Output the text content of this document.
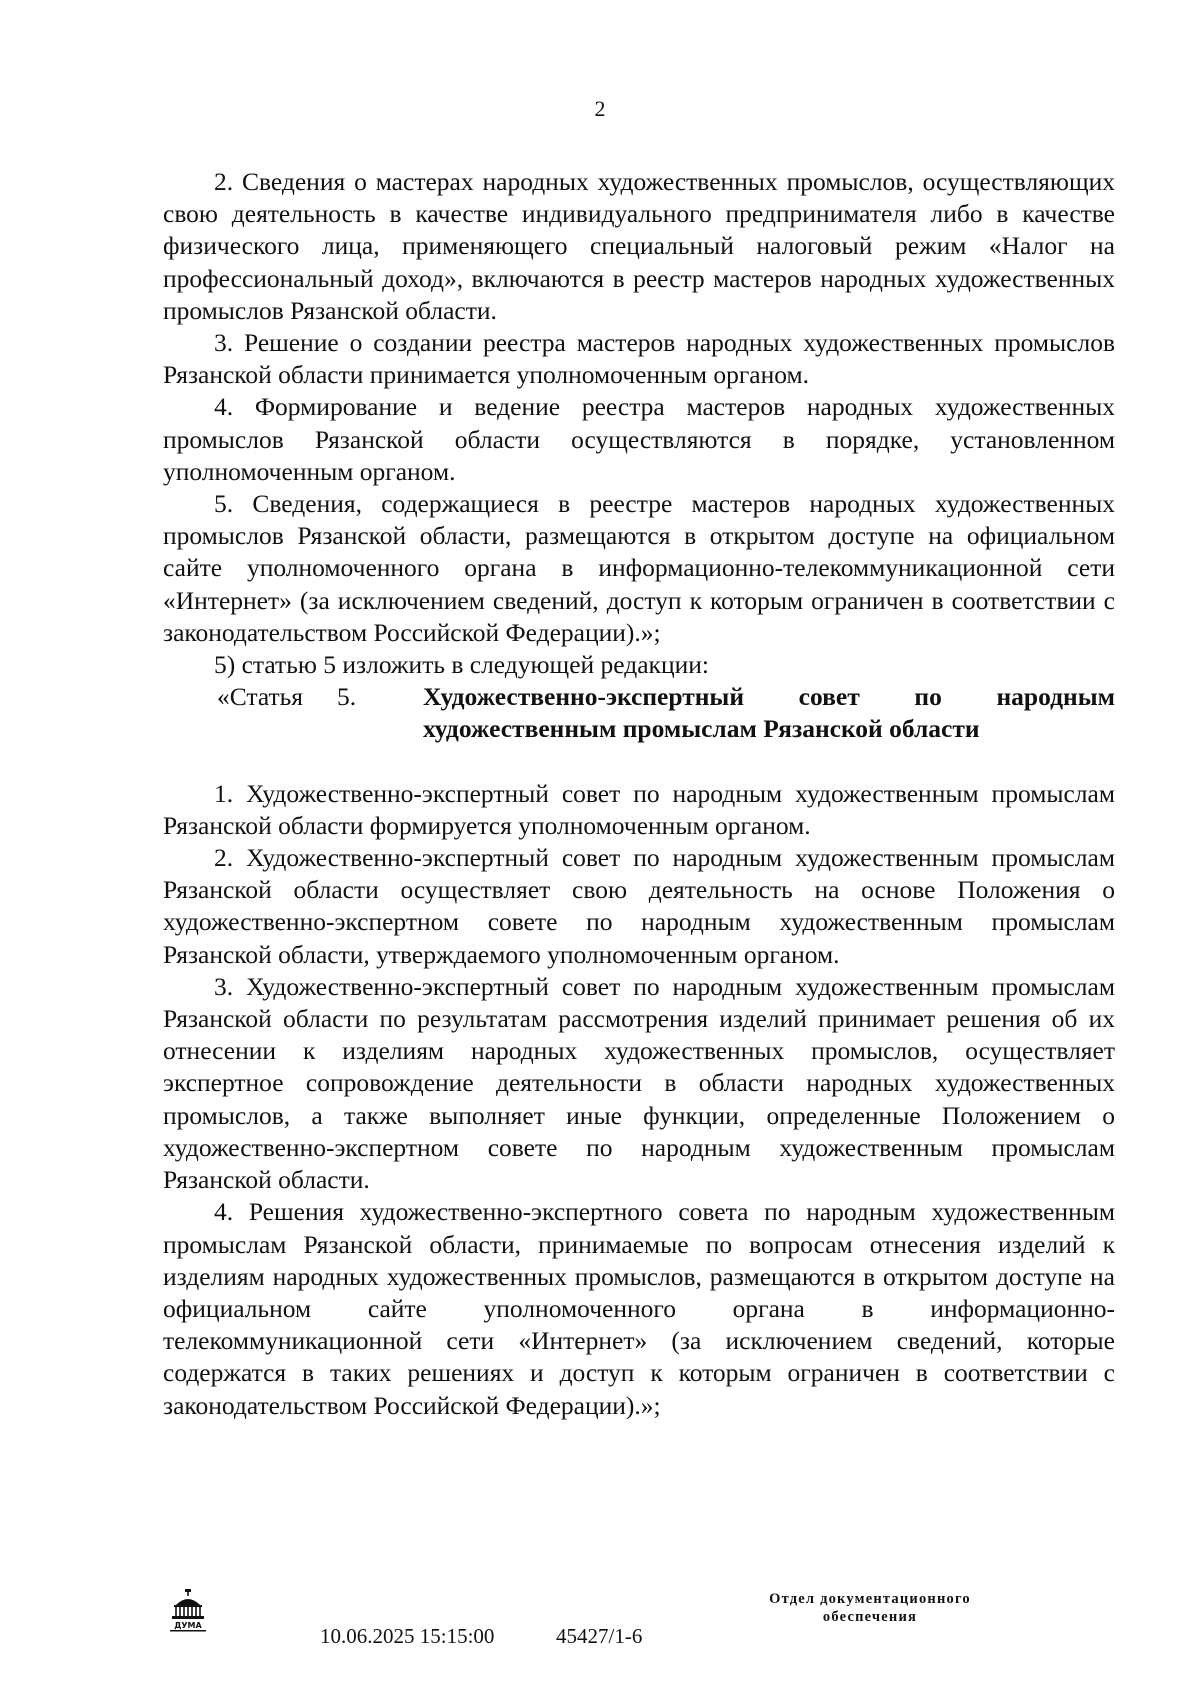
2

2. Сведения о мастерах народных художественных промыслов, осуществляющих свою деятельность в качестве индивидуального предпринимателя либо в качестве физического лица, применяющего специальный налоговый режим «Налог на профессиональный доход», включаются в реестр мастеров народных художественных промыслов Рязанской области.

3. Решение о создании реестра мастеров народных художественных промыслов Рязанской области принимается уполномоченным органом.

4. Формирование и ведение реестра мастеров народных художественных промыслов Рязанской области осуществляются в порядке, установленном уполномоченным органом.

5. Сведения, содержащиеся в реестре мастеров народных художественных промыслов Рязанской области, размещаются в открытом доступе на официальном сайте уполномоченного органа в информационно-телекоммуникационной сети «Интернет» (за исключением сведений, доступ к которым ограничен в соответствии с законодательством Российской Федерации).»;

5) статью 5 изложить в следующей редакции:

«Статья 5.	Художественно-экспертный совет по народным художественным промыслам Рязанской области

1. Художественно-экспертный совет по народным художественным промыслам Рязанской области формируется уполномоченным органом.

2. Художественно-экспертный совет по народным художественным промыслам Рязанской области осуществляет свою деятельность на основе Положения о художественно-экспертном совете по народным художественным промыслам Рязанской области, утверждаемого уполномоченным органом.

3. Художественно-экспертный совет по народным художественным промыслам Рязанской области по результатам рассмотрения изделий принимает решения об их отнесении к изделиям народных художественных промыслов, осуществляет экспертное сопровождение деятельности в области народных художественных промыслов, а также выполняет иные функции, определенные Положением о художественно-экспертном совете по народным художественным промыслам Рязанской области.

4. Решения художественно-экспертного совета по народным художественным промыслам Рязанской области, принимаемые по вопросам отнесения изделий к изделиям народных художественных промыслов, размещаются в открытом доступе на официальном сайте уполномоченного органа в информационно-телекоммуникационной сети «Интернет» (за исключением сведений, которые содержатся в таких решениях и доступ к которым ограничен в соответствии с законодательством Российской Федерации).»;

ДУМА	10.06.2025 15:15:00	45427/1-6
Отдел документационного
обеспечения
